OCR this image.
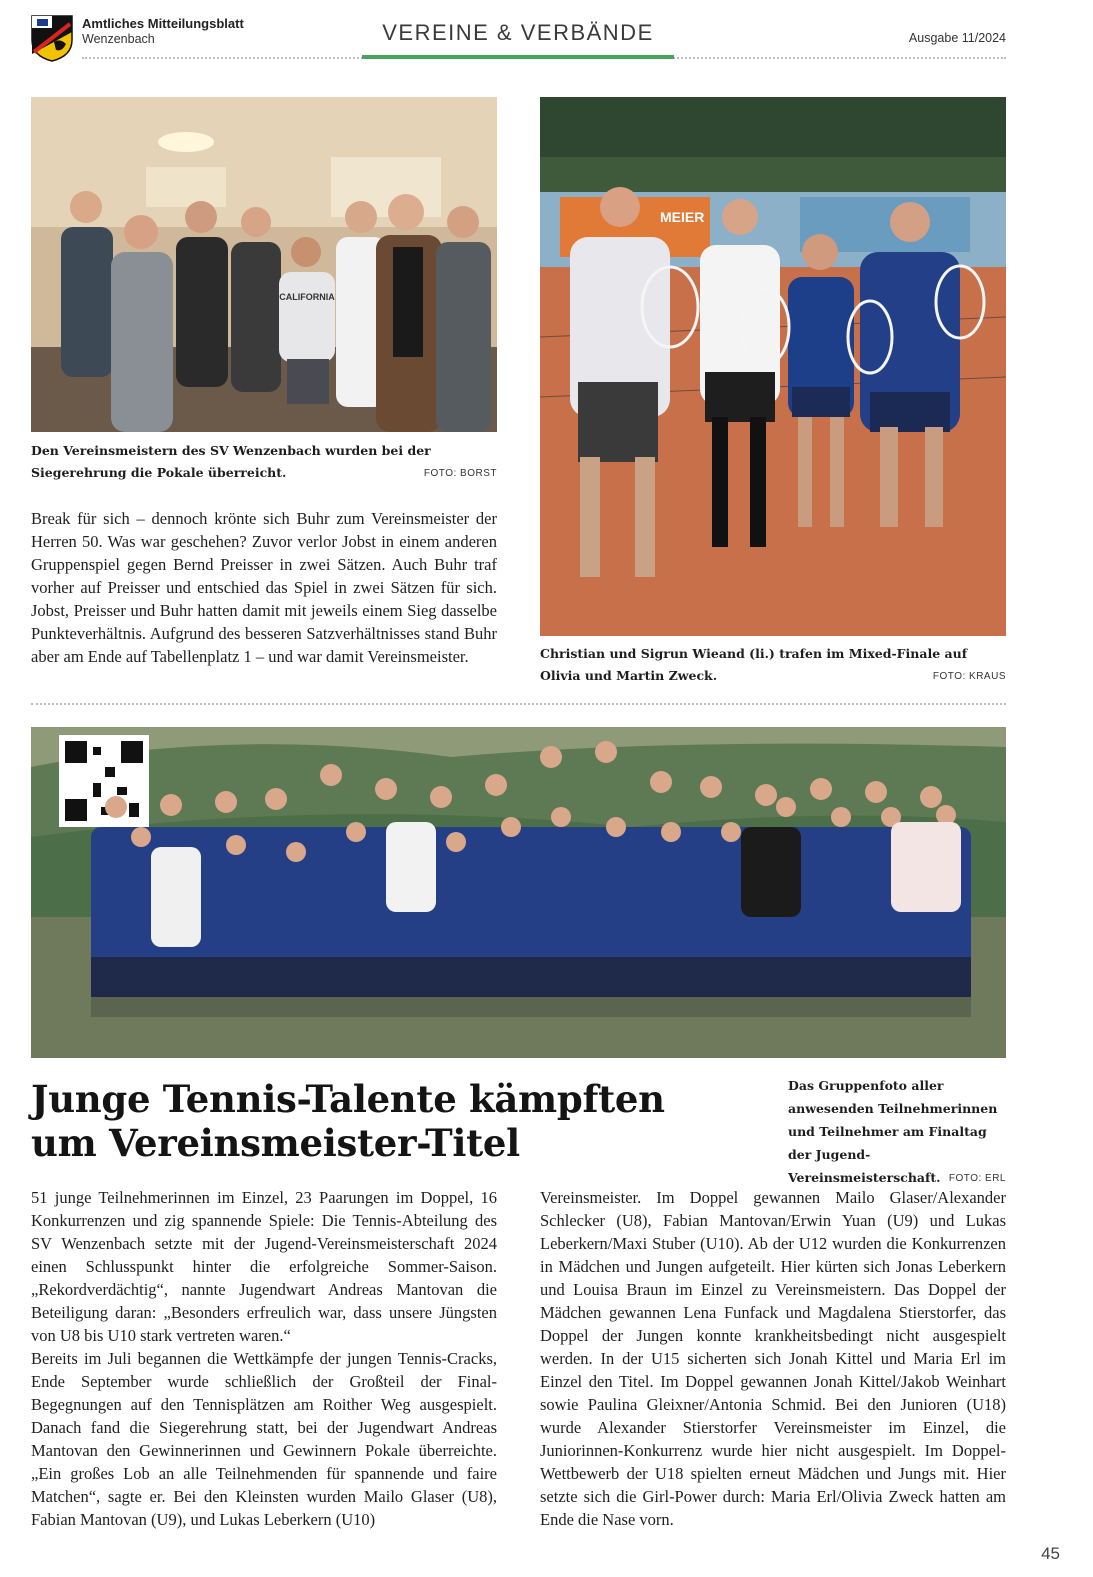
Amtliches Mitteilungsblatt
Wenzenbach	VEREINE & VERBÄNDE	Ausgabe 11/2024
CALIFORNIA
MEIER
Den Vereinsmeistern des SV Wenzenbach wurden bei der Siegerehrung die Pokale überreicht.	FOTO: BORST
Break für sich – dennoch krönte sich Buhr zum Vereinsmeister der Herren 50. Was war geschehen? Zuvor verlor Jobst in einem anderen Gruppenspiel gegen Bernd Preisser in zwei Sätzen. Auch Buhr traf vorher auf Preisser und entschied das Spiel in zwei Sätzen für sich. Jobst, Preisser und Buhr hatten damit mit jeweils einem Sieg dasselbe Punkteverhältnis. Aufgrund des besseren Satzverhältnisses stand Buhr aber am Ende auf Tabellenplatz 1 – und war damit Vereinsmeister.	Christian und Sigrun Wieand (li.) trafen im Mixed-Finale auf Olivia und Martin Zweck.	FOTO: KRAUS
Junge Tennis-Talente kämpften um Vereinsmeister-Titel
Das Gruppenfoto aller anwesenden Teilnehmerinnen und Teilnehmer am Finaltag der Jugend-Vereinsmeisterschaft. FOTO: ERL

51 junge Teilnehmerinnen im Einzel, 23 Paarungen im Doppel, 16 Konkurrenzen und zig spannende Spiele: Die Tennis-Abteilung des SV Wenzenbach setzte mit der Jugend-Vereinsmeisterschaft 2024 einen Schlusspunkt hinter die erfolgreiche Sommer-Saison. „Rekordverdächtig“, nannte Jugendwart Andreas Mantovan die Beteiligung daran: „Besonders erfreulich war, dass unsere Jüngsten von U8 bis U10 stark vertreten waren.“

Bereits im Juli begannen die Wettkämpfe der jungen Tennis-Cracks, Ende September wurde schließlich der Großteil der Final-Begegnungen auf den Tennisplätzen am Roither Weg ausgespielt. Danach fand die Siegerehrung statt, bei der Jugendwart Andreas Mantovan den Gewinnerinnen und Gewinnern Pokale überreichte. „Ein großes Lob an alle Teilnehmenden für spannende und faire Matchen“, sagte er. Bei den Kleinsten wurden Mailo Glaser (U8), Fabian Mantovan (U9), und Lukas Leberkern (U10)

Vereinsmeister. Im Doppel gewannen Mailo Glaser/Alexander Schlecker (U8), Fabian Mantovan/Erwin Yuan (U9) und Lukas Leberkern/Maxi Stuber (U10). Ab der U12 wurden die Konkurrenzen in Mädchen und Jungen aufgeteilt. Hier kürten sich Jonas Leberkern und Louisa Braun im Einzel zu Vereinsmeistern. Das Doppel der Mädchen gewannen Lena Funfack und Magdalena Stierstorfer, das Doppel der Jungen konnte krankheitsbedingt nicht ausgespielt werden. In der U15 sicherten sich Jonah Kittel und Maria Erl im Einzel den Titel. Im Doppel gewannen Jonah Kittel/Jakob Weinhart sowie Paulina Gleixner/Antonia Schmid. Bei den Junioren (U18) wurde Alexander Stierstorfer Vereinsmeister im Einzel, die Juniorinnen-Konkurrenz wurde hier nicht ausgespielt. Im Doppel-Wettbewerb der U18 spielten erneut Mädchen und Jungs mit. Hier setzte sich die Girl-Power durch: Maria Erl/Olivia Zweck hatten am Ende die Nase vorn.

45
